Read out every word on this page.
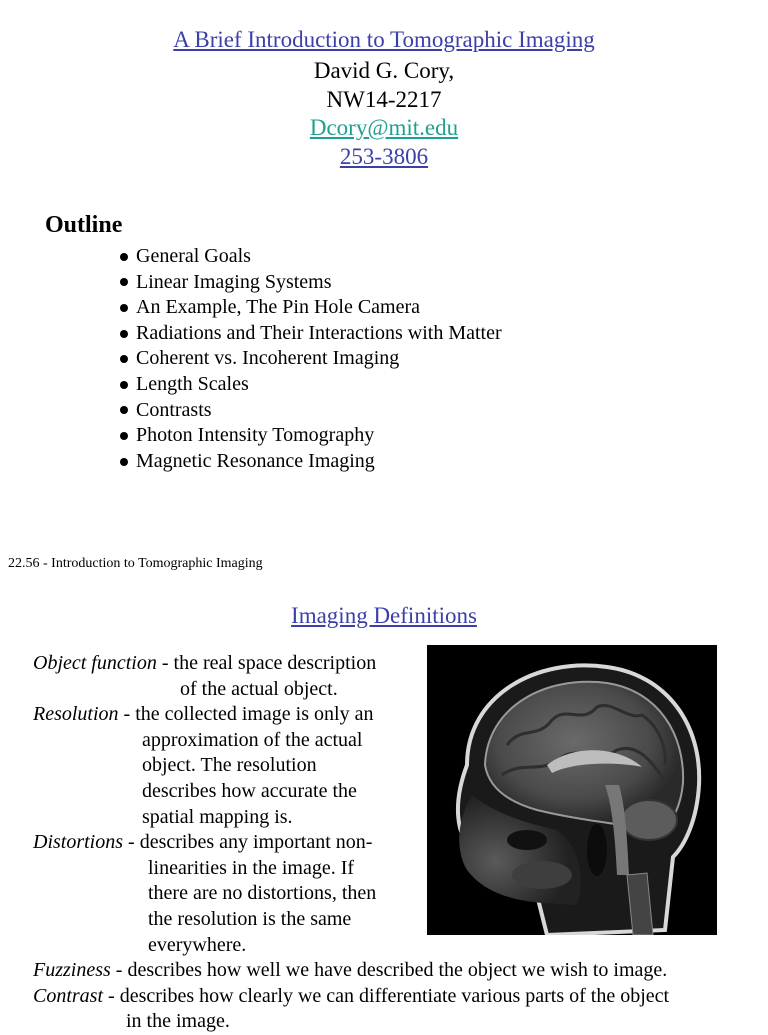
A Brief Introduction to Tomographic Imaging
David G. Cory,
NW14-2217
Dcory@mit.edu
253-3806
Outline
General Goals
Linear Imaging Systems
An Example, The Pin Hole Camera
Radiations and Their Interactions with Matter
Coherent vs. Incoherent Imaging
Length Scales
Contrasts
Photon Intensity Tomography
Magnetic Resonance Imaging
22.56 - Introduction to Tomographic Imaging
Imaging Definitions
Object function - the real space description
of the actual object.
Resolution - the collected image is only an
approximation of the actual
object. The resolution
describes how accurate the
spatial mapping is.
Distortions - describes any important non-
linearities in the image. If
there are no distortions, then
the resolution is the same
everywhere.
Fuzziness - describes how well we have described the object we wish to image.
Contrast - describes how clearly we can differentiate various parts of the object
in the image.
